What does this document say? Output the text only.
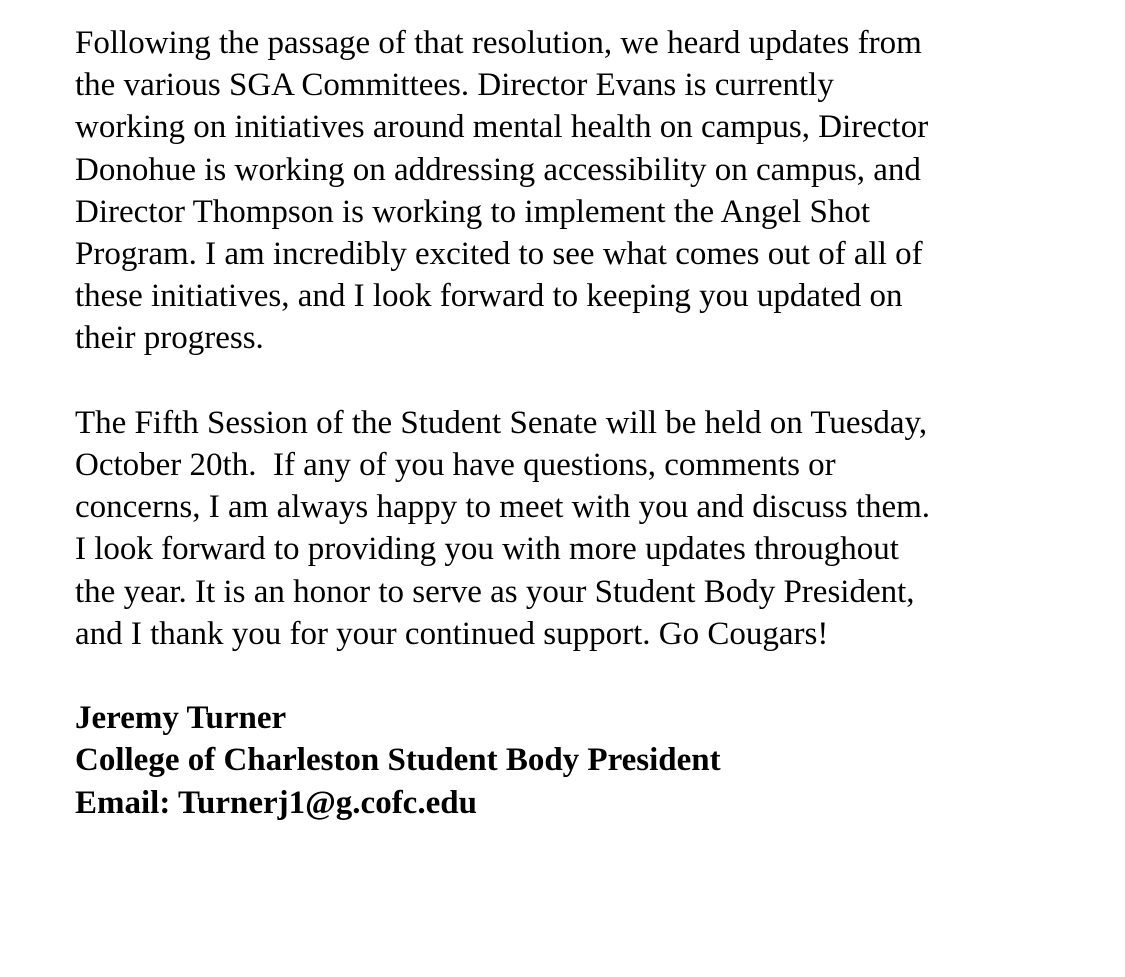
Following the passage of that resolution, we heard updates from
the various SGA Committees. Director Evans is currently
working on initiatives around mental health on campus, Director
Donohue is working on addressing accessibility on campus, and
Director Thompson is working to implement the Angel Shot
Program. I am incredibly excited to see what comes out of all of
these initiatives, and I look forward to keeping you updated on
their progress.
The Fifth Session of the Student Senate will be held on Tuesday,
October 20th.  If any of you have questions, comments or
concerns, I am always happy to meet with you and discuss them.
I look forward to providing you with more updates throughout
the year. It is an honor to serve as your Student Body President,
and I thank you for your continued support. Go Cougars!
Jeremy Turner
College of Charleston Student Body President
Email: Turnerj1@g.cofc.edu
